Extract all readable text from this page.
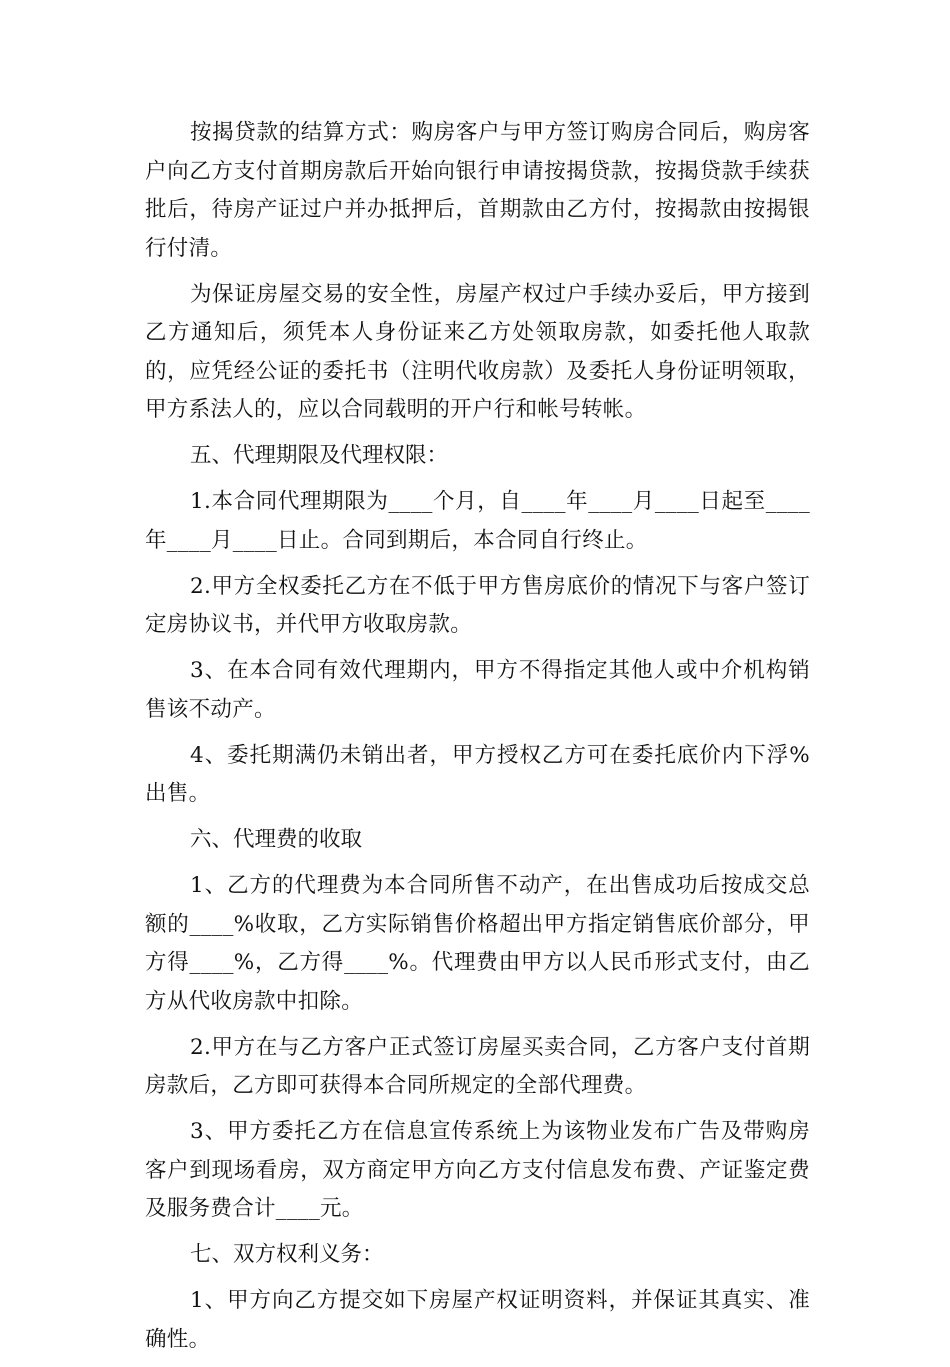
按揭贷款的结算方式：购房客户与甲方签订购房合同后，购房客户向乙方支付首期房款后开始向银行申请按揭贷款，按揭贷款手续获批后，待房产证过户并办抵押后，首期款由乙方付，按揭款由按揭银行付清。

为保证房屋交易的安全性，房屋产权过户手续办妥后，甲方接到乙方通知后，须凭本人身份证来乙方处领取房款，如委托他人取款的，应凭经公证的委托书（注明代收房款）及委托人身份证明领取，甲方系法人的，应以合同载明的开户行和帐号转帐。

五、代理期限及代理权限：

1.本合同代理期限为____个月，自____年____月____日起至____年____月____日止。合同到期后，本合同自行终止。

2.甲方全权委托乙方在不低于甲方售房底价的情况下与客户签订定房协议书，并代甲方收取房款。

3、在本合同有效代理期内，甲方不得指定其他人或中介机构销售该不动产。

4、委托期满仍未销出者，甲方授权乙方可在委托底价内下浮%出售。

六、代理费的收取

1、乙方的代理费为本合同所售不动产，在出售成功后按成交总额的____%收取，乙方实际销售价格超出甲方指定销售底价部分，甲方得____%，乙方得____%。代理费由甲方以人民币形式支付，由乙方从代收房款中扣除。

2.甲方在与乙方客户正式签订房屋买卖合同，乙方客户支付首期房款后，乙方即可获得本合同所规定的全部代理费。

3、甲方委托乙方在信息宣传系统上为该物业发布广告及带购房客户到现场看房，双方商定甲方向乙方支付信息发布费、产证鉴定费及服务费合计____元。

七、双方权利义务：

1、甲方向乙方提交如下房屋产权证明资料，并保证其真实、准确性。
